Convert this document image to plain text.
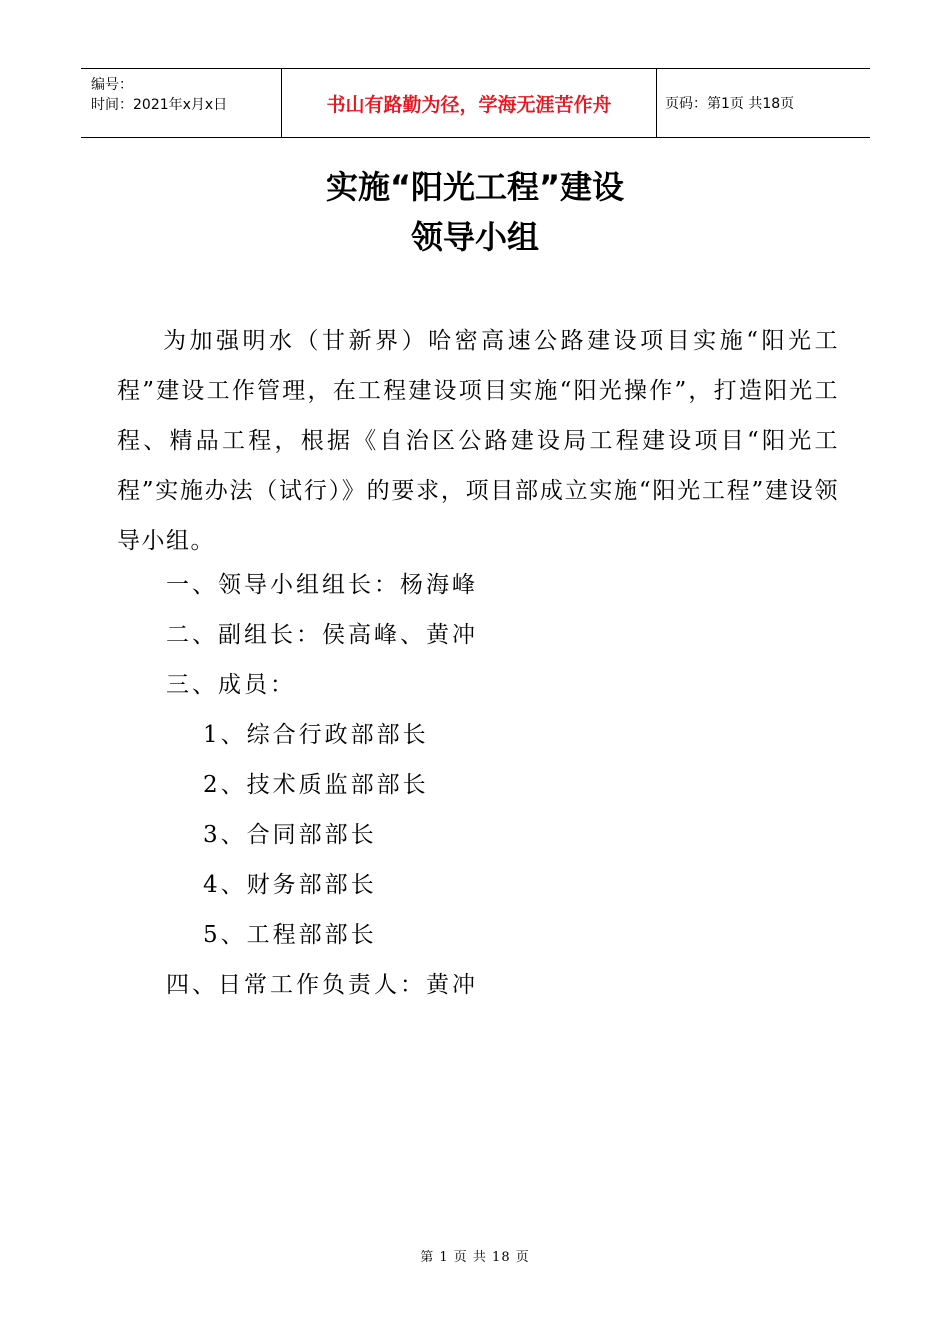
编号：
时间：2021年x月x日	书山有路勤为径，学海无涯苦作舟	页码：第1页 共18页
实施“阳光工程”建设
领导小组

为加强明水（甘新界）哈密高速公路建设项目实施“阳光工程”建设工作管理，在工程建设项目实施“阳光操作”，打造阳光工程、精品工程，根据《自治区公路建设局工程建设项目“阳光工程”实施办法（试行）》的要求，项目部成立实施“阳光工程”建设领导小组。

一、领导小组组长：杨海峰
二、副组长：侯高峰、黄冲
三、成员：
1、综合行政部部长
2、技术质监部部长
3、合同部部长
4、财务部部长
5、工程部部长
四、日常工作负责人：黄冲
第 1 页 共 18 页
